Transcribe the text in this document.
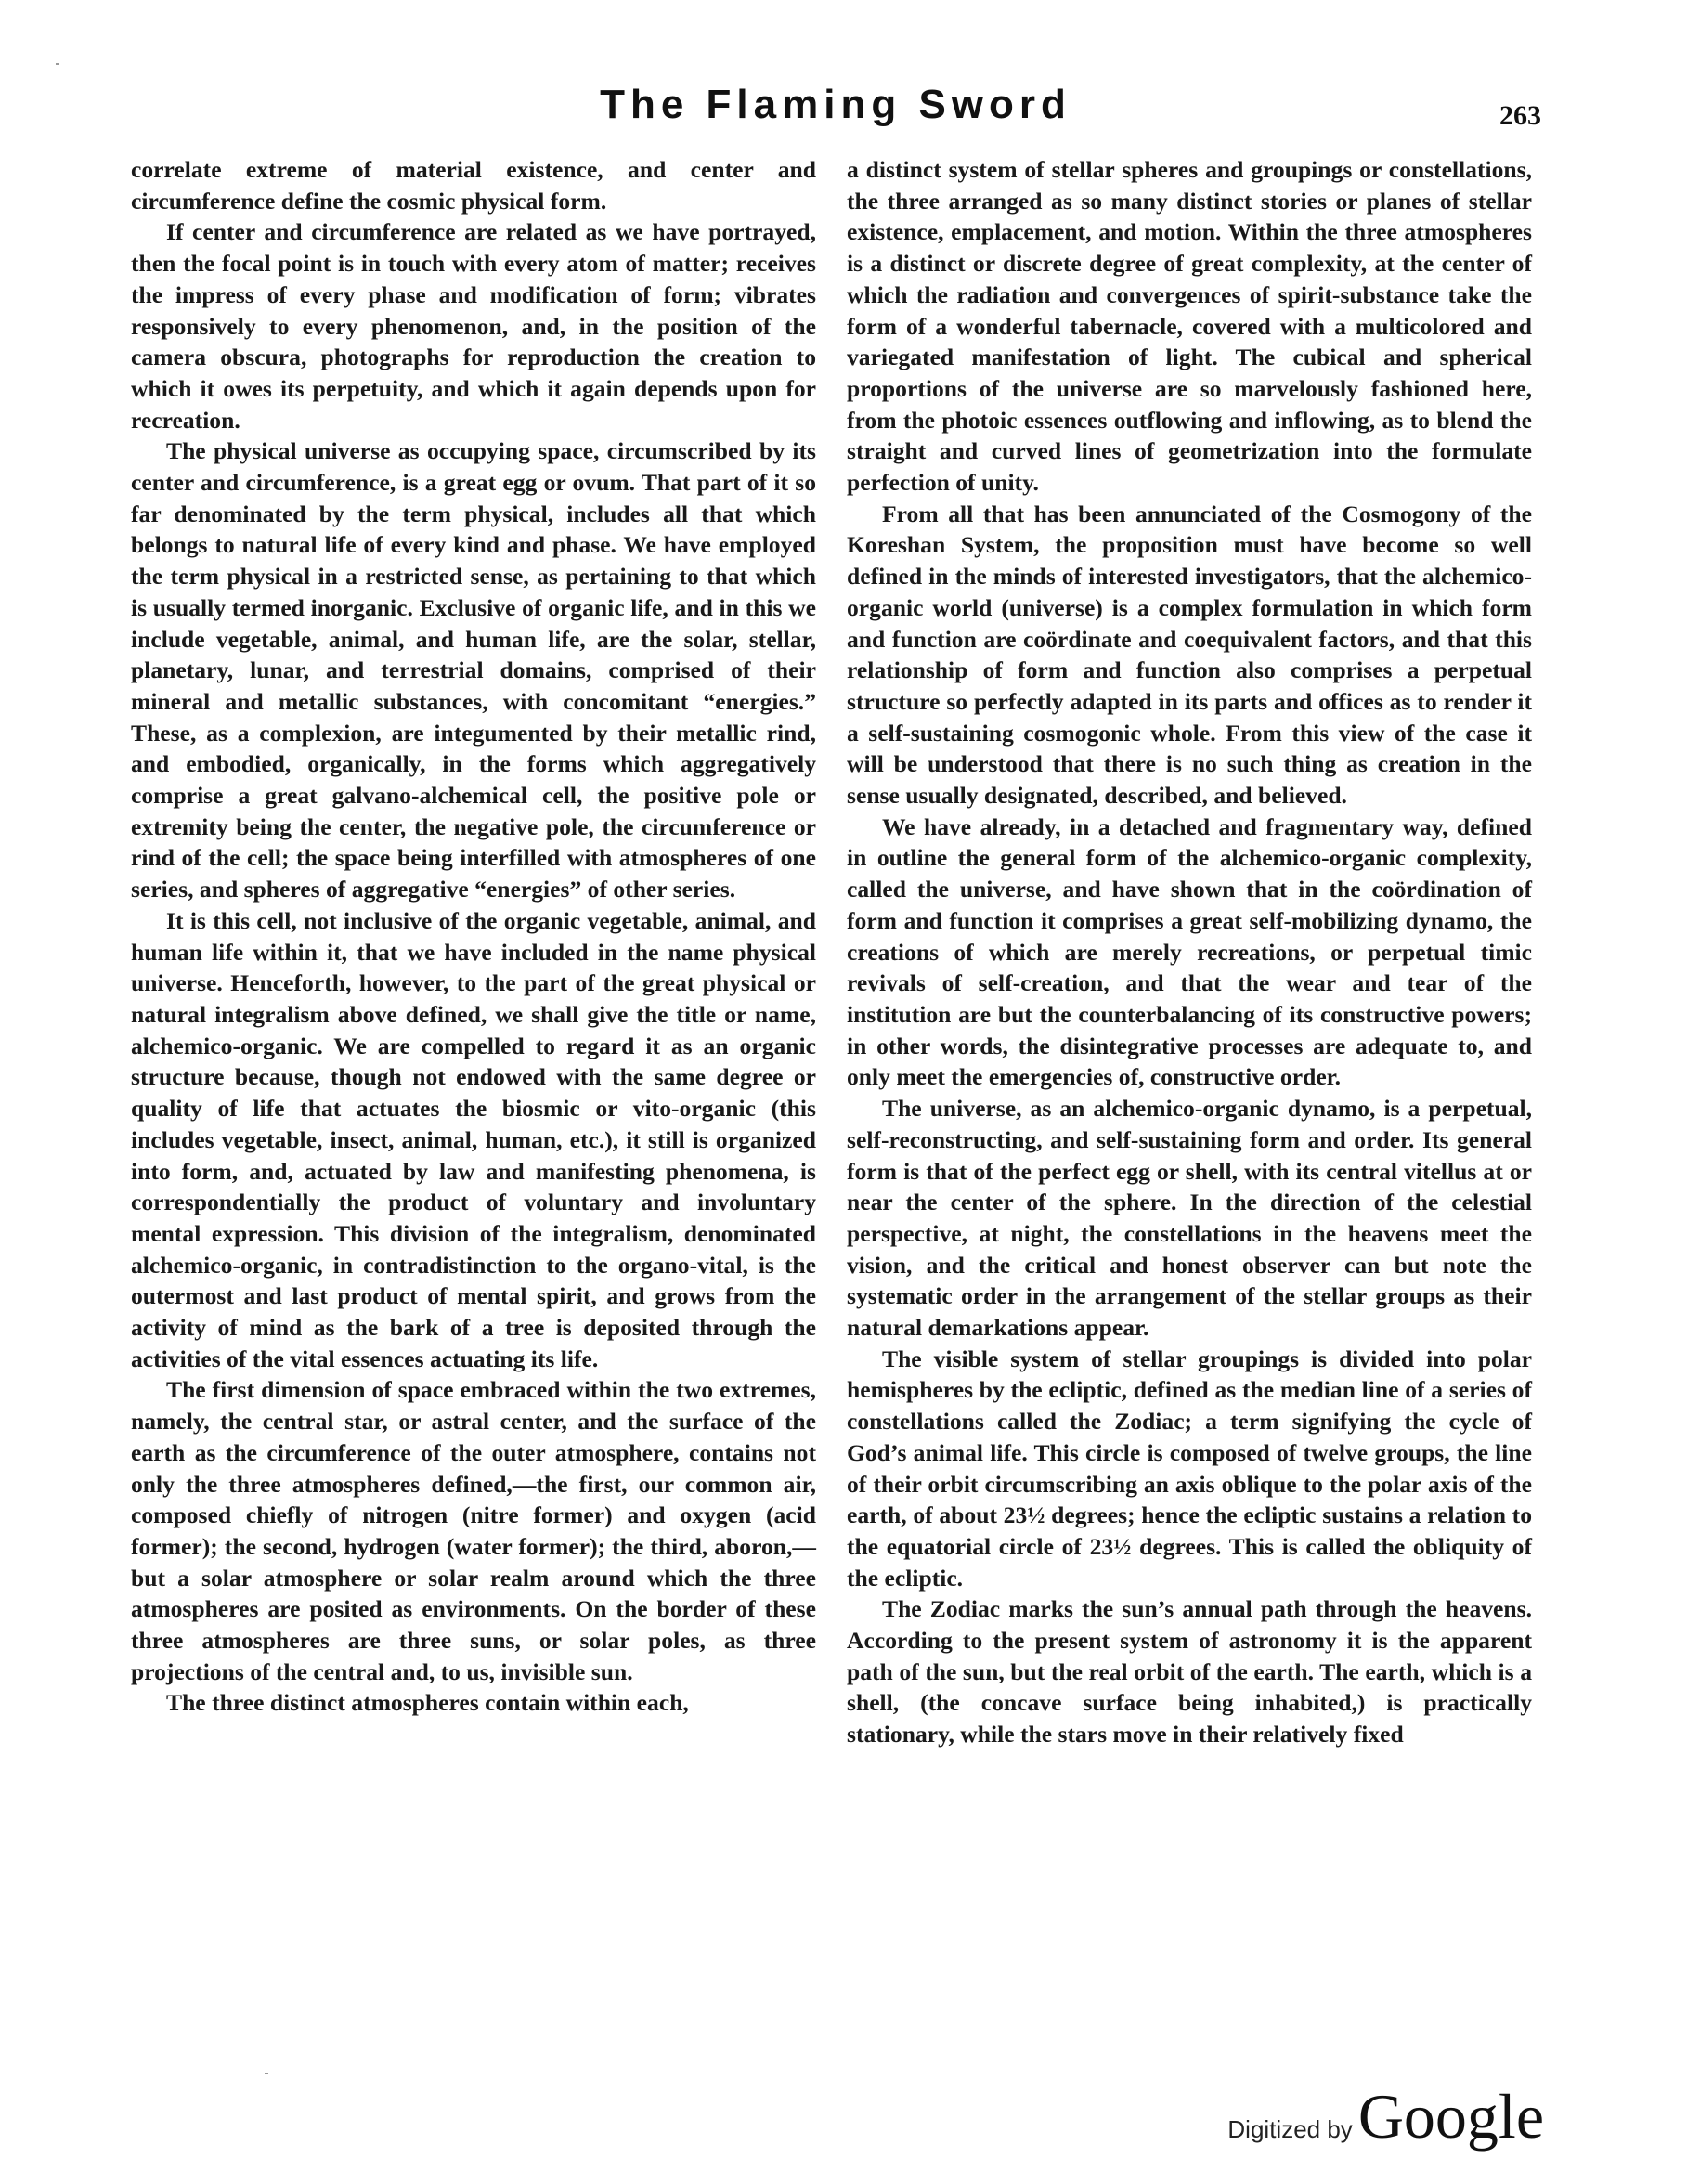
The Flaming Sword	263

correlate extreme of material existence, and center and circumference define the cosmic physical form.

If center and circumference are related as we have portrayed, then the focal point is in touch with every atom of matter; receives the impress of every phase and modification of form; vibrates responsively to every phenomenon, and, in the position of the camera obscura, photographs for reproduction the creation to which it owes its perpetuity, and which it again depends upon for recreation.

The physical universe as occupying space, circumscribed by its center and circumference, is a great egg or ovum. That part of it so far denominated by the term physical, includes all that which belongs to natural life of every kind and phase. We have employed the term physical in a restricted sense, as pertaining to that which is usually termed inorganic. Exclusive of organic life, and in this we include vegetable, animal, and human life, are the solar, stellar, planetary, lunar, and terrestrial domains, comprised of their mineral and metallic substances, with concomitant “energies.” These, as a complexion, are integumented by their metallic rind, and embodied, organically, in the forms which aggregatively comprise a great galvano-alchemical cell, the positive pole or extremity being the center, the negative pole, the circumference or rind of the cell; the space being interfilled with atmospheres of one series, and spheres of aggregative “energies” of other series.

It is this cell, not inclusive of the organic vegetable, animal, and human life within it, that we have included in the name physical universe. Henceforth, however, to the part of the great physical or natural integralism above defined, we shall give the title or name, alchemico-organic. We are compelled to regard it as an organic structure because, though not endowed with the same degree or quality of life that actuates the biosmic or vito-organic (this includes vegetable, insect, animal, human, etc.), it still is organized into form, and, actuated by law and manifesting phenomena, is correspondentially the product of voluntary and involuntary mental expression. This division of the integralism, denominated alchemico-organic, in contradistinction to the organo-vital, is the outermost and last product of mental spirit, and grows from the activity of mind as the bark of a tree is deposited through the activities of the vital essences actuating its life.

The first dimension of space embraced within the two extremes, namely, the central star, or astral center, and the surface of the earth as the circumference of the outer atmosphere, contains not only the three atmospheres defined,—the first, our common air, composed chiefly of nitrogen (nitre former) and oxygen (acid former); the second, hydrogen (water former); the third, aboron,—but a solar atmosphere or solar realm around which the three atmospheres are posited as environments. On the border of these three atmospheres are three suns, or solar poles, as three projections of the central and, to us, invisible sun.

The three distinct atmospheres contain within each,

a distinct system of stellar spheres and groupings or constellations, the three arranged as so many distinct stories or planes of stellar existence, emplacement, and motion. Within the three atmospheres is a distinct or discrete degree of great complexity, at the center of which the radiation and convergences of spirit-substance take the form of a wonderful tabernacle, covered with a multicolored and variegated manifestation of light. The cubical and spherical proportions of the universe are so marvelously fashioned here, from the photoic essences outflowing and inflowing, as to blend the straight and curved lines of geometrization into the formulate perfection of unity.

From all that has been annunciated of the Cosmogony of the Koreshan System, the proposition must have become so well defined in the minds of interested investigators, that the alchemico-organic world (universe) is a complex formulation in which form and function are coördinate and coequivalent factors, and that this relationship of form and function also comprises a perpetual structure so perfectly adapted in its parts and offices as to render it a self-sustaining cosmogonic whole. From this view of the case it will be understood that there is no such thing as creation in the sense usually designated, described, and believed.

We have already, in a detached and fragmentary way, defined in outline the general form of the alchemico-organic complexity, called the universe, and have shown that in the coördination of form and function it comprises a great self-mobilizing dynamo, the creations of which are merely recreations, or perpetual timic revivals of self-creation, and that the wear and tear of the institution are but the counterbalancing of its constructive powers; in other words, the disintegrative processes are adequate to, and only meet the emergencies of, constructive order.

The universe, as an alchemico-organic dynamo, is a perpetual, self-reconstructing, and self-sustaining form and order. Its general form is that of the perfect egg or shell, with its central vitellus at or near the center of the sphere. In the direction of the celestial perspective, at night, the constellations in the heavens meet the vision, and the critical and honest observer can but note the systematic order in the arrangement of the stellar groups as their natural demarkations appear.

The visible system of stellar groupings is divided into polar hemispheres by the ecliptic, defined as the median line of a series of constellations called the Zodiac; a term signifying the cycle of God’s animal life. This circle is composed of twelve groups, the line of their orbit circumscribing an axis oblique to the polar axis of the earth, of about 23½ degrees; hence the ecliptic sustains a relation to the equatorial circle of 23½ degrees. This is called the obliquity of the ecliptic.

The Zodiac marks the sun’s annual path through the heavens. According to the present system of astronomy it is the apparent path of the sun, but the real orbit of the earth. The earth, which is a shell, (the concave surface being inhabited,) is practically stationary, while the stars move in their relatively fixed

Digitized by Google
